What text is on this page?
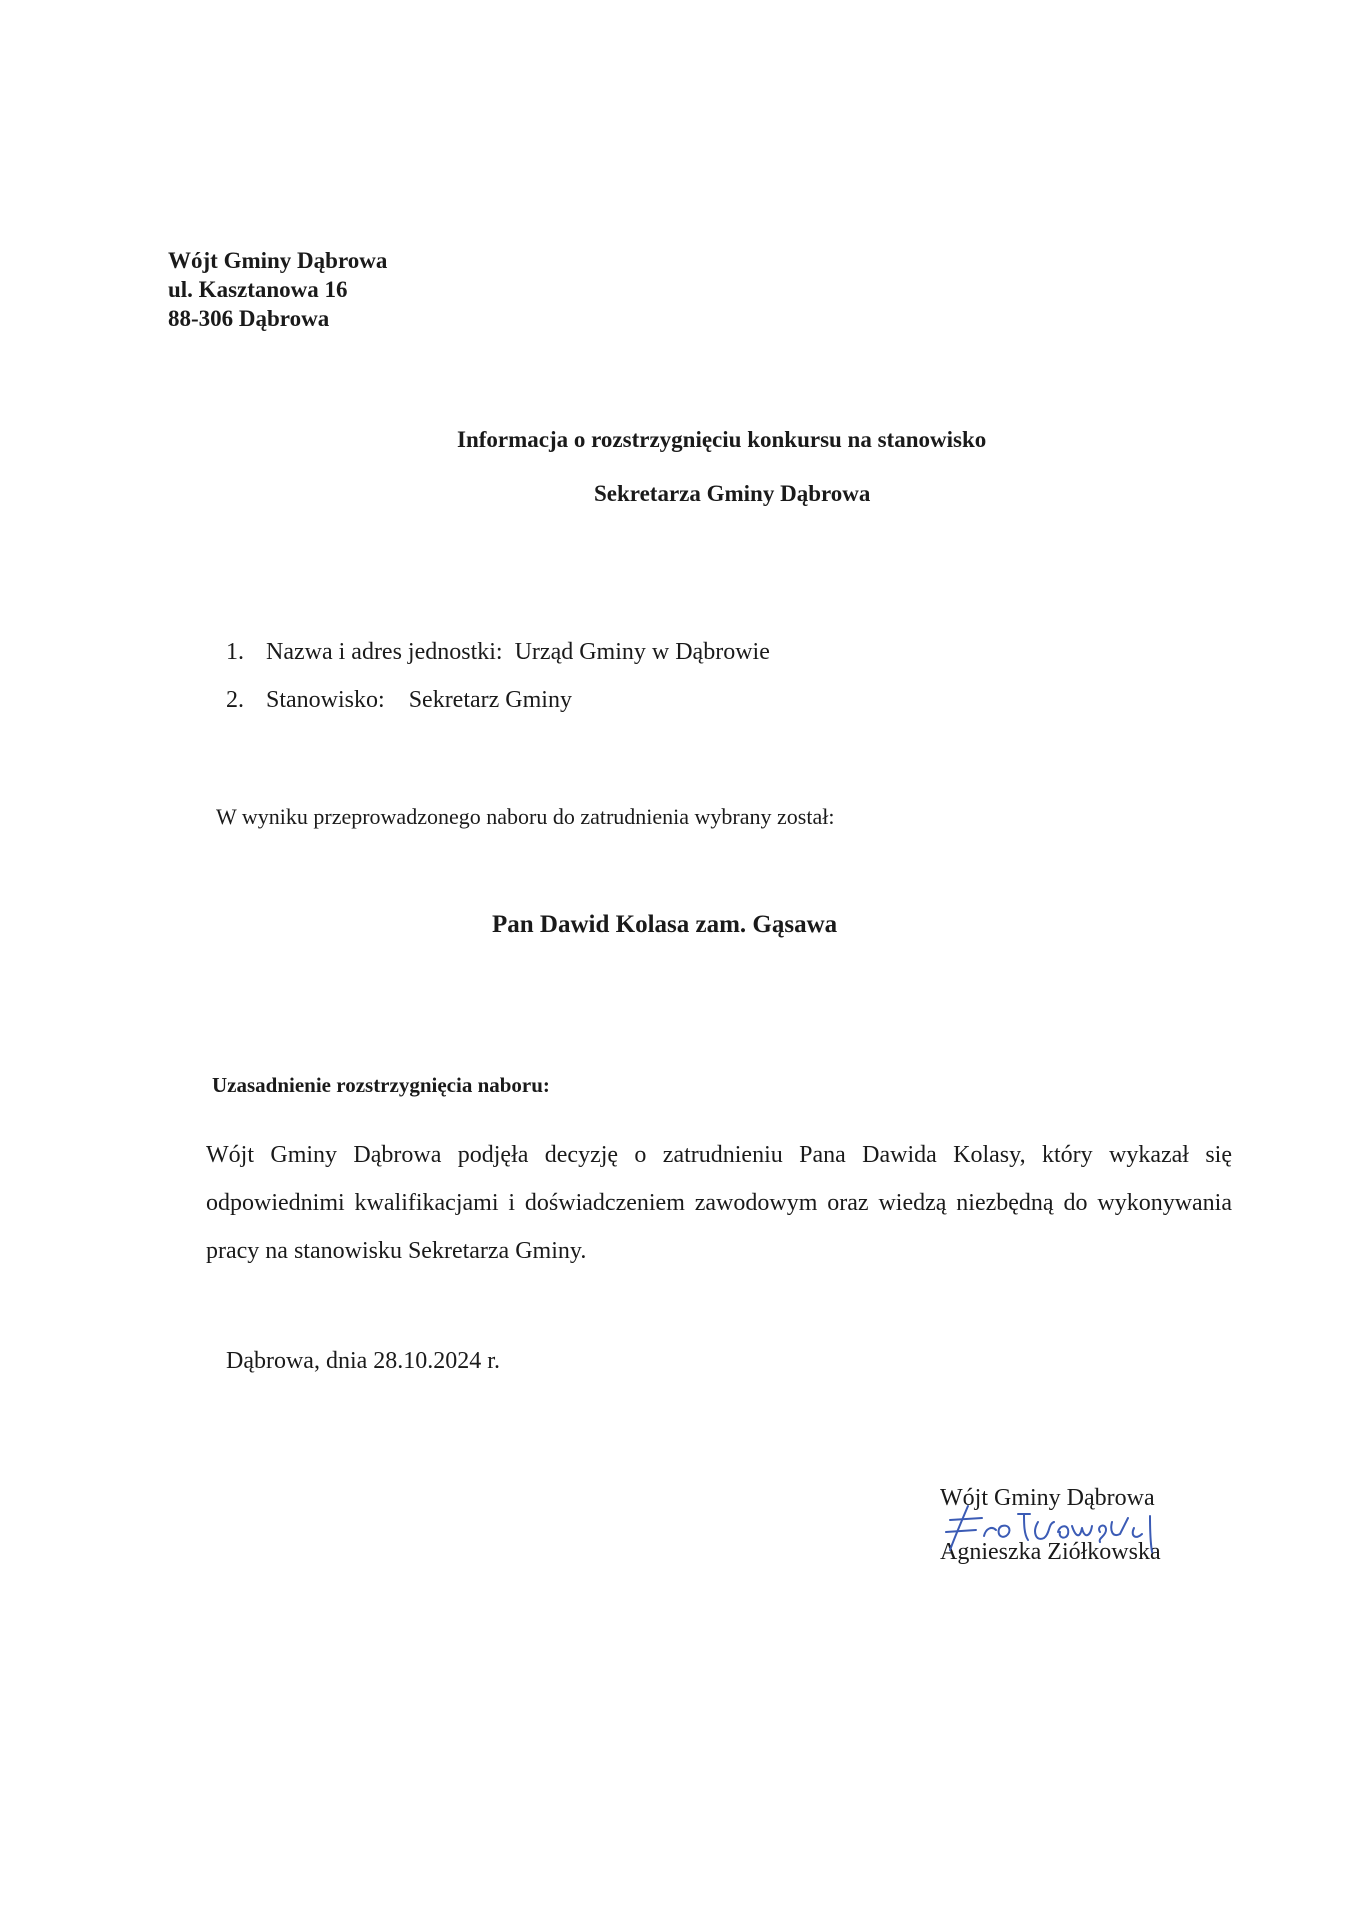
Wójt Gminy Dąbrowa
ul. Kasztanowa 16
88-306 Dąbrowa
Informacja o rozstrzygnięciu konkursu na stanowisko
Sekretarza Gminy Dąbrowa
1. Nazwa i adres jednostki: Urząd Gminy w Dąbrowie
2. Stanowisko: Sekretarz Gminy
W wyniku przeprowadzonego naboru do zatrudnienia wybrany został:
Pan Dawid Kolasa zam. Gąsawa
Uzasadnienie rozstrzygnięcia naboru:
Wójt Gminy Dąbrowa podjęła decyzję o zatrudnieniu Pana Dawida Kolasy, który wykazał się odpowiednimi kwalifikacjami i doświadczeniem zawodowym oraz wiedzą niezbędną do wykonywania pracy na stanowisku Sekretarza Gminy.
Dąbrowa, dnia 28.10.2024 r.
Wójt Gminy Dąbrowa
Agnieszka Ziółkowska
